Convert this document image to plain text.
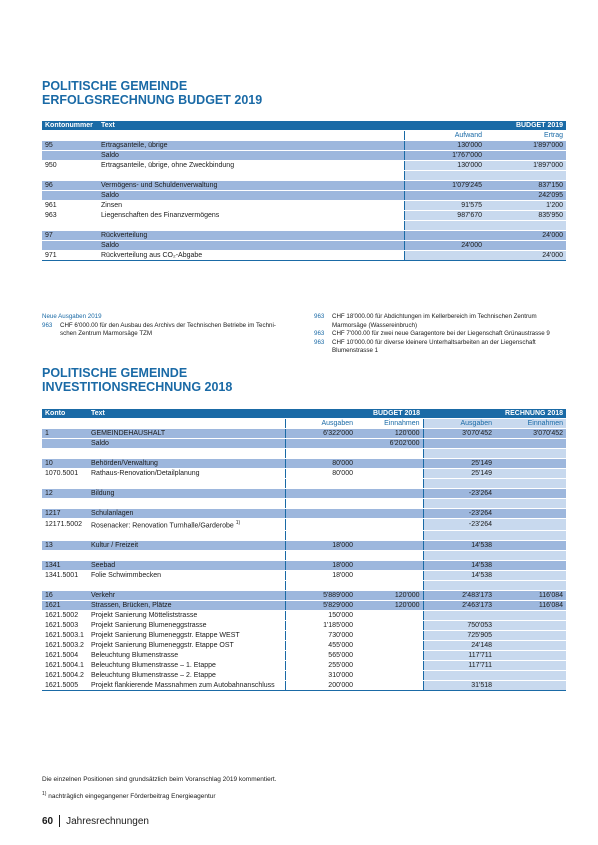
POLITISCHE GEMEINDE
ERFOLGSRECHNUNG BUDGET 2019
Kontonummer	Text	BUDGET 2019	
		Aufwand	Ertrag
95	Ertragsanteile, übrige	130'000	1'897'000
	Saldo	1'767'000	
950	Ertragsanteile, übrige, ohne Zweckbindung	130'000	1'897'000

96	Vermögens- und Schuldenverwaltung	1'079'245	837'150
	Saldo		242'095
961	Zinsen	91'575	1'200
963	Liegenschaften des Finanzvermögens	987'670	835'950

97	Rückverteilung		24'000
	Saldo	24'000	
971	Rückverteilung aus CO₂-Abgabe		24'000
Neue Ausgaben 2019
963	CHF 6'000.00 für den Ausbau des Archivs der Technischen Betriebe im Techni-
schen Zentrum Marmorsäge TZM
963	CHF 18'000.00 für Abdichtungen im Kellerbereich im Technischen Zentrum
Marmorsäge (Wassereinbruch)
963	CHF 7'000.00 für zwei neue Garagentore bei der Liegenschaft Grünaustrasse 9
963	CHF 10'000.00 für diverse kleinere Unterhaltsarbeiten an der Liegenschaft
Blumenstrasse 1
POLITISCHE GEMEINDE
INVESTITIONSRECHNUNG 2018
Konto	Text	BUDGET 2018		RECHNUNG 2018	
		Ausgaben	Einnahmen	Ausgaben	Einnahmen
1	GEMEINDEHAUSHALT	6'322'000	120'000	3'070'452	3'070'452
	Saldo		6'202'000		

10	Behörden/Verwaltung	80'000		25'149	
1070.5001	Rathaus-Renovation/Detailplanung	80'000		25'149	

12	Bildung			-23'264	

1217	Schulanlagen			-23'264	
12171.5002	Rosenacker: Renovation Turnhalle/Garderobe $^{1)}$			-23'264	

13	Kultur / Freizeit	18'000		14'538	

1341	Seebad	18'000		14'538	
1341.5001	Folie Schwimmbecken	18'000		14'538	

16	Verkehr	5'889'000	120'000	2'483'173	116'084
1621	Strassen, Brücken, Plätze	5'829'000	120'000	2'463'173	116'084
1621.5002	Projekt Sanierung Mötteliststrasse	150'000			
1621.5003	Projekt Sanierung Blumeneggstrasse	1'185'000		750'053	
1621.5003.1	Projekt Sanierung Blumeneggstr. Etappe WEST	730'000		725'905	
1621.5003.2	Projekt Sanierung Blumeneggstr. Etappe OST	455'000		24'148	
1621.5004	Beleuchtung Blumenstrasse	565'000		117'711	
1621.5004.1	Beleuchtung Blumenstrasse – 1. Etappe	255'000		117'711	
1621.5004.2	Beleuchtung Blumenstrasse – 2. Etappe	310'000			
1621.5005	Projekt flankierende Massnahmen zum Autobahnanschluss	200'000		31'518	
Die einzelnen Positionen sind grundsätzlich beim Voranschlag 2019 kommentiert.
$^{1)}$ nachträglich eingegangener Förderbeitrag Energieagentur
60 Jahresrechnungen
